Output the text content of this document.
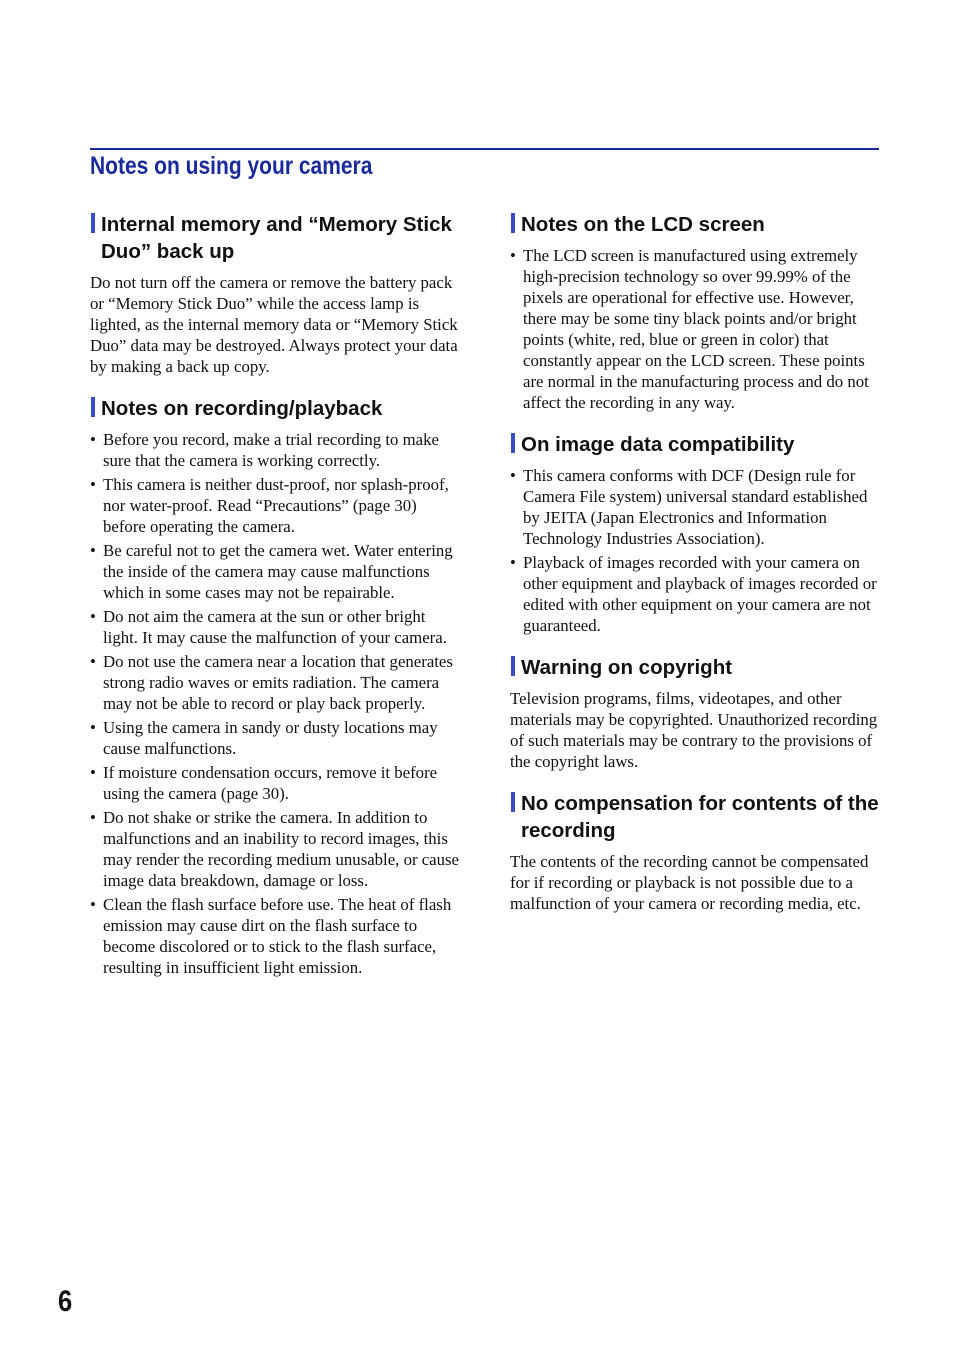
Notes on using your camera
Internal memory and “Memory Stick Duo” back up

Do not turn off the camera or remove the battery pack or “Memory Stick Duo” while the access lamp is lighted, as the internal memory data or “Memory Stick Duo” data may be destroyed. Always protect your data by making a back up copy.

Notes on recording/playback
• Before you record, make a trial recording to make sure that the camera is working correctly.
• This camera is neither dust-proof, nor splash-proof, nor water-proof. Read “Precautions” (page 30) before operating the camera.
• Be careful not to get the camera wet. Water entering the inside of the camera may cause malfunctions which in some cases may not be repairable.
• Do not aim the camera at the sun or other bright light. It may cause the malfunction of your camera.
• Do not use the camera near a location that generates strong radio waves or emits radiation. The camera may not be able to record or play back properly.
• Using the camera in sandy or dusty locations may cause malfunctions.
• If moisture condensation occurs, remove it before using the camera (page 30).
• Do not shake or strike the camera. In addition to malfunctions and an inability to record images, this may render the recording medium unusable, or cause image data breakdown, damage or loss.
• Clean the flash surface before use. The heat of flash emission may cause dirt on the flash surface to become discolored or to stick to the flash surface, resulting in insufficient light emission.
Notes on the LCD screen
• The LCD screen is manufactured using extremely high-precision technology so over 99.99% of the pixels are operational for effective use. However, there may be some tiny black points and/or bright points (white, red, blue or green in color) that constantly appear on the LCD screen. These points are normal in the manufacturing process and do not affect the recording in any way.
On image data compatibility
• This camera conforms with DCF (Design rule for Camera File system) universal standard established by JEITA (Japan Electronics and Information Technology Industries Association).
• Playback of images recorded with your camera on other equipment and playback of images recorded or edited with other equipment on your camera are not guaranteed.
Warning on copyright

Television programs, films, videotapes, and other materials may be copyrighted. Unauthorized recording of such materials may be contrary to the provisions of the copyright laws.

No compensation for contents of the recording

The contents of the recording cannot be compensated for if recording or playback is not possible due to a malfunction of your camera or recording media, etc.

6
